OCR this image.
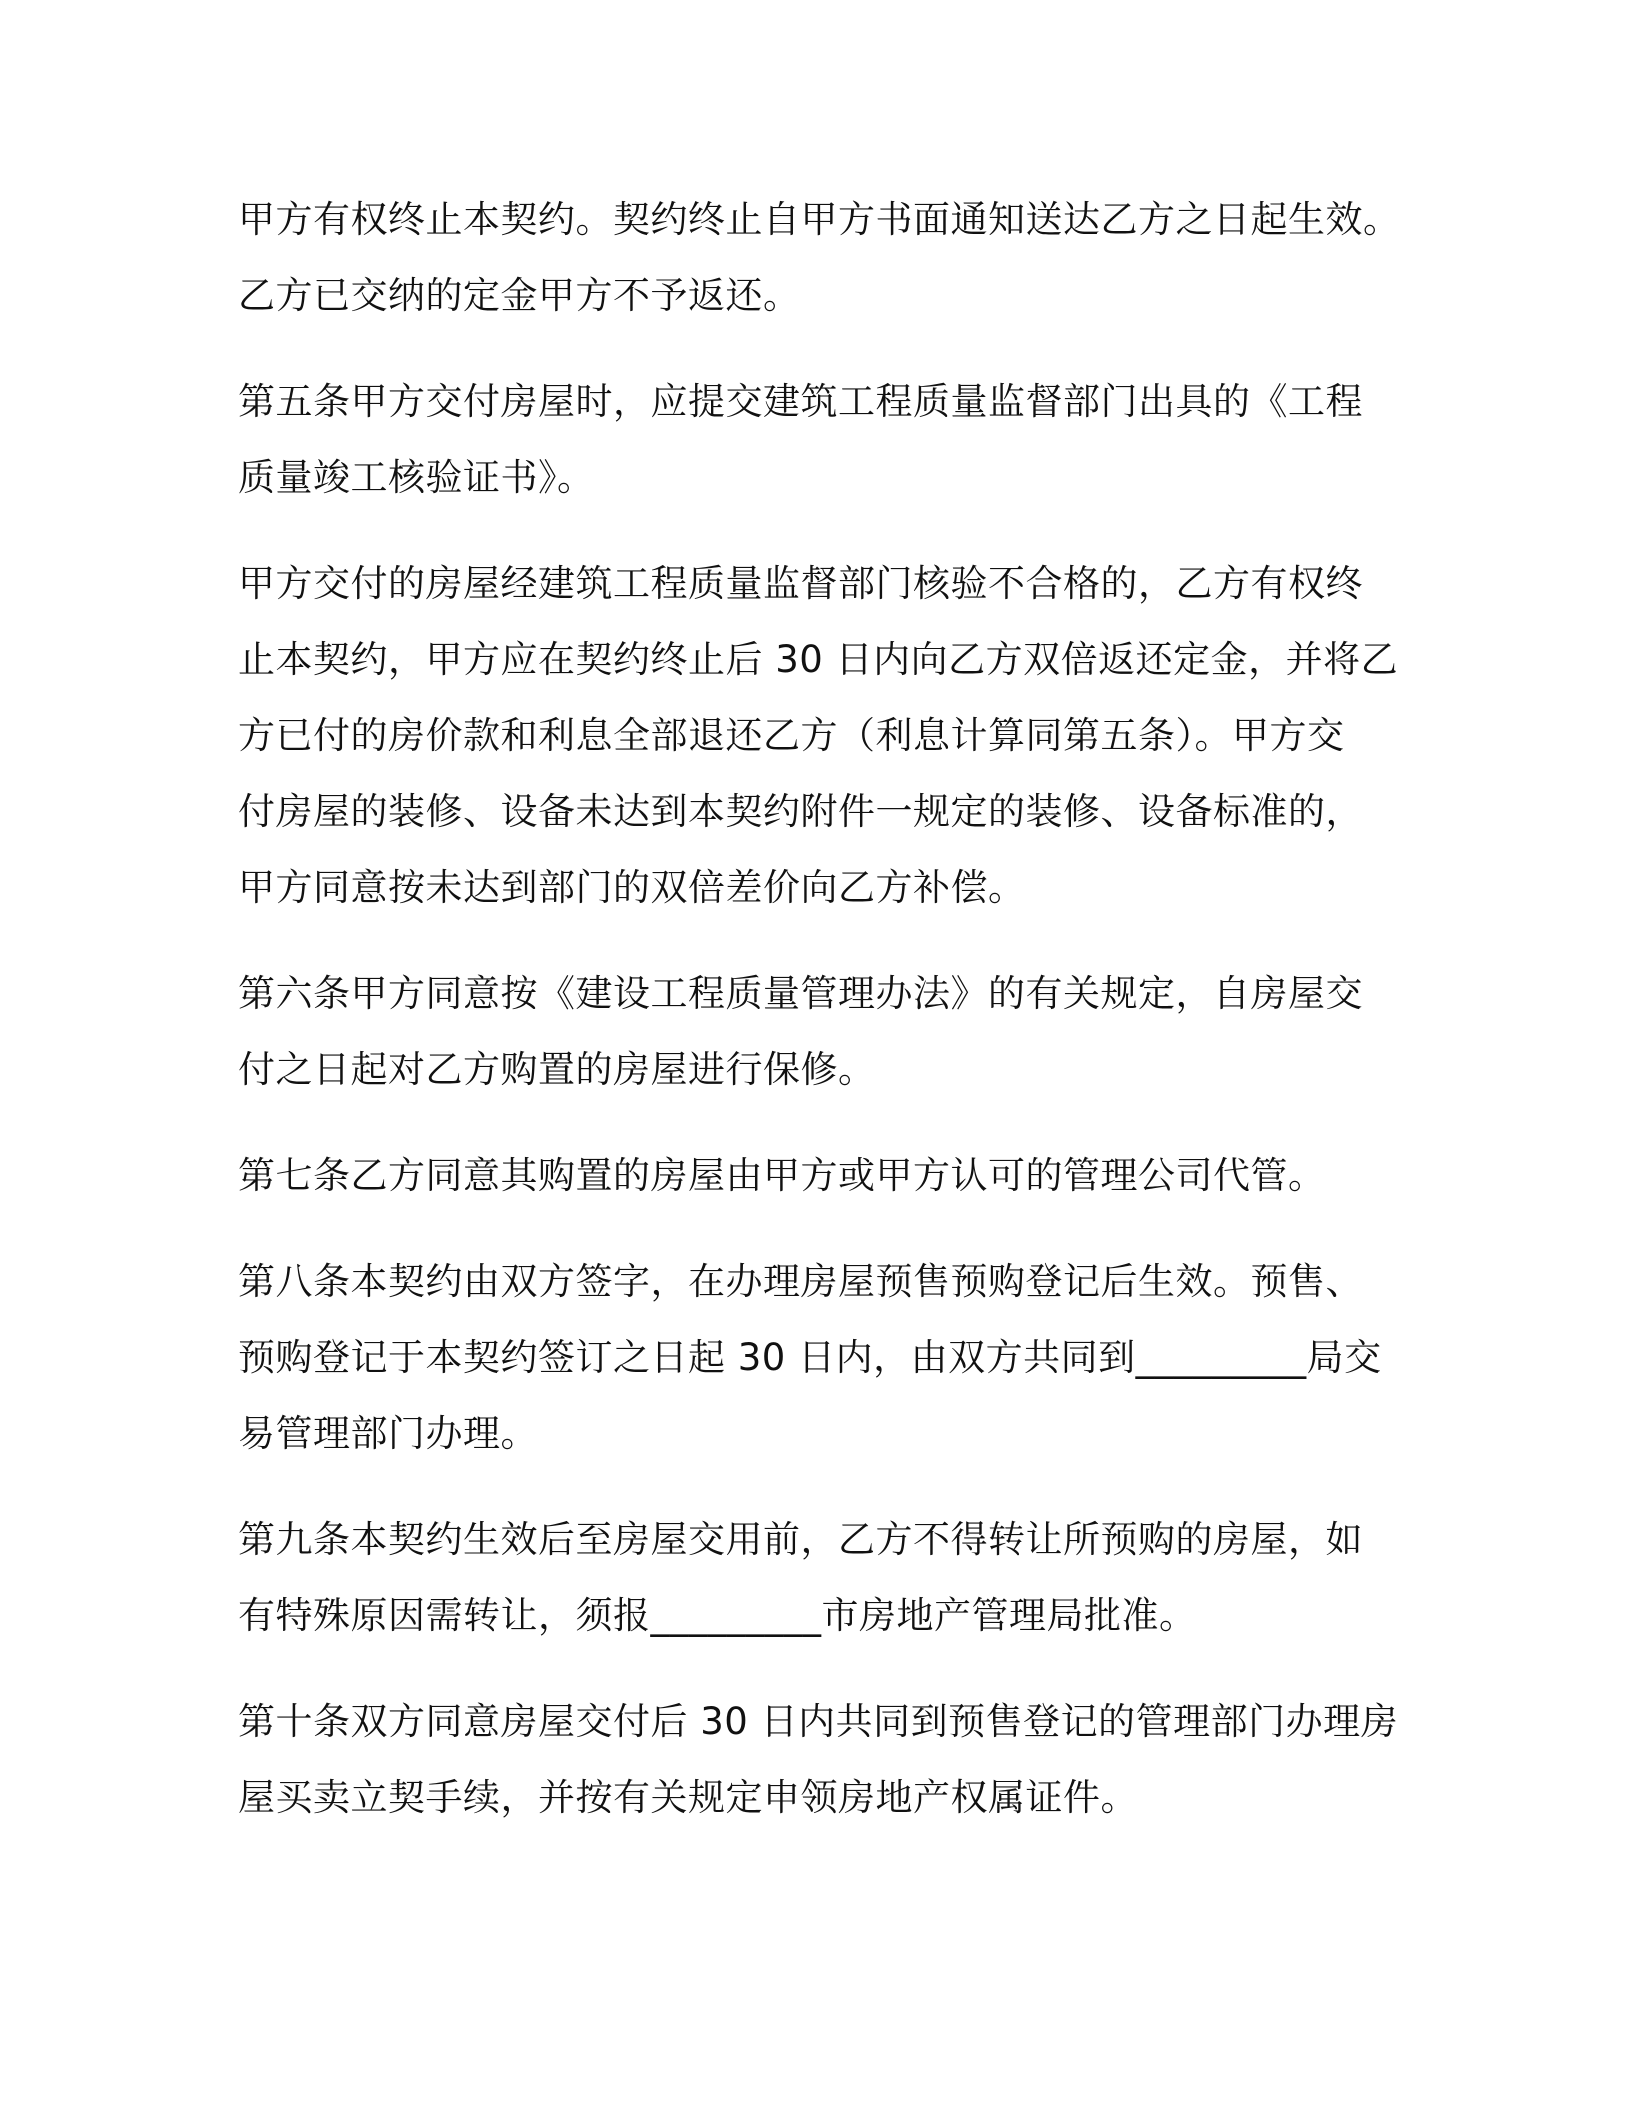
甲方有权终止本契约。契约终止自甲方书面通知送达乙方之日起生效。
乙方已交纳的定金甲方不予返还。

第五条甲方交付房屋时，应提交建筑工程质量监督部门出具的《工程
质量竣工核验证书》。

甲方交付的房屋经建筑工程质量监督部门核验不合格的，乙方有权终
止本契约，甲方应在契约终止后 30 日内向乙方双倍返还定金，并将乙
方已付的房价款和利息全部退还乙方（利息计算同第五条）。甲方交
付房屋的装修、设备未达到本契约附件一规定的装修、设备标准的，
甲方同意按未达到部门的双倍差价向乙方补偿。

第六条甲方同意按《建设工程质量管理办法》的有关规定，自房屋交
付之日起对乙方购置的房屋进行保修。

第七条乙方同意其购置的房屋由甲方或甲方认可的管理公司代管。

第八条本契约由双方签字，在办理房屋预售预购登记后生效。预售、
预购登记于本契约签订之日起 30 日内，由双方共同到_________局交
易管理部门办理。

第九条本契约生效后至房屋交用前，乙方不得转让所预购的房屋，如
有特殊原因需转让，须报_________市房地产管理局批准。

第十条双方同意房屋交付后 30 日内共同到预售登记的管理部门办理房
屋买卖立契手续，并按有关规定申领房地产权属证件。
